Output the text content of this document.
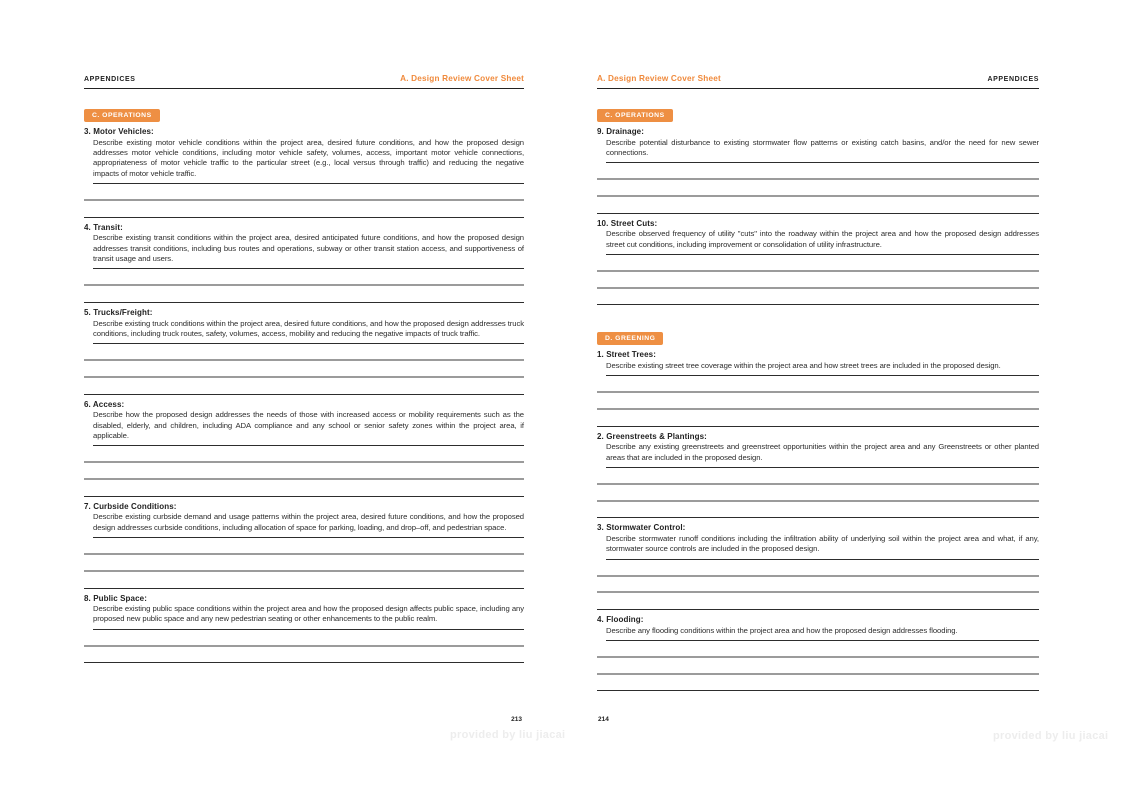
APPENDICES	A. Design Review Cover Sheet
C. OPERATIONS
3. Motor Vehicles:

Describe existing motor vehicle conditions within the project area, desired future conditions, and how the proposed design addresses motor vehicle conditions, including motor vehicle safety, volumes, access, important motor vehicle connections, appropriateness of motor vehicle traffic to the particular street (e.g., local versus through traffic) and reducing the negative impacts of motor vehicle traffic.

4. Transit:

Describe existing transit conditions within the project area, desired anticipated future conditions, and how the proposed design addresses transit conditions, including bus routes and operations, subway or other transit station access, and supportiveness of transit usage and users.

5. Trucks/Freight:

Describe existing truck conditions within the project area, desired future conditions, and how the proposed design addresses truck conditions, including truck routes, safety, volumes, access, mobility and reducing the negative impacts of truck traffic.

6. Access:

Describe how the proposed design addresses the needs of those with increased access or mobility requirements such as the disabled, elderly, and children, including ADA compliance and any school or senior safety zones within the project area, if applicable.

7. Curbside Conditions:

Describe existing curbside demand and usage patterns within the project area, desired future conditions, and how the proposed design addresses curbside conditions, including allocation of space for parking, loading, and drop–off, and pedestrian space.

8. Public Space:

Describe existing public space conditions within the project area and how the proposed design affects public space, including any proposed new public space and any new pedestrian seating or other enhancements to the public realm.

213
A. Design Review Cover Sheet	APPENDICES
C. OPERATIONS
9. Drainage:

Describe potential disturbance to existing stormwater flow patterns or existing catch basins, and/or the need for new sewer connections.

10. Street Cuts:

Describe observed frequency of utility "cuts" into the roadway within the project area and how the proposed design addresses street cut conditions, including improvement or consolidation of utility infrastructure.

D. GREENING
1. Street Trees:

Describe existing street tree coverage within the project area and how street trees are included in the proposed design.

2. Greenstreets & Plantings:

Describe any existing greenstreets and greenstreet opportunities within the project area and any Greenstreets or other planted areas that are included in the proposed design.

3. Stormwater Control:

Describe stormwater runoff conditions including the infiltration ability of underlying soil within the project area and what, if any, stormwater source controls are included in the proposed design.

4. Flooding:

Describe any flooding conditions within the project area and how the proposed design addresses flooding.

214
provided by liu jiacai	provided by liu jiacai
